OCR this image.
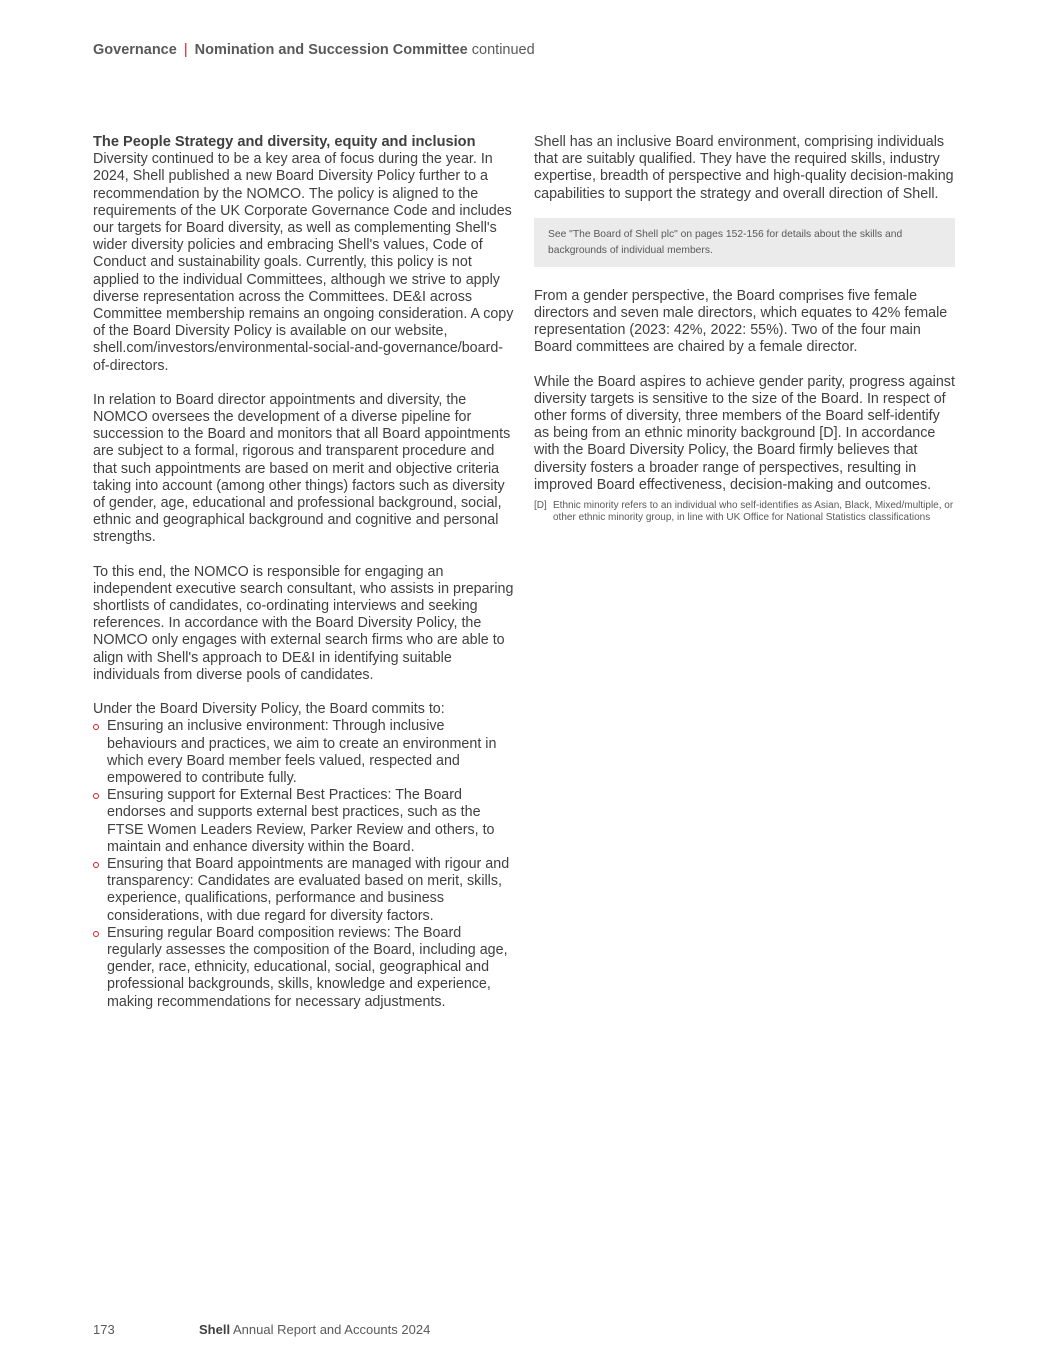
Governance | Nomination and Succession Committee continued
The People Strategy and diversity, equity and inclusion

Diversity continued to be a key area of focus during the year. In 2024, Shell published a new Board Diversity Policy further to a recommendation by the NOMCO. The policy is aligned to the requirements of the UK Corporate Governance Code and includes our targets for Board diversity, as well as complementing Shell's wider diversity policies and embracing Shell's values, Code of Conduct and sustainability goals. Currently, this policy is not applied to the individual Committees, although we strive to apply diverse representation across the Committees. DE&I across Committee membership remains an ongoing consideration. A copy of the Board Diversity Policy is available on our website, shell.com/investors/environmental-social-and-governance/board-of-directors.

In relation to Board director appointments and diversity, the NOMCO oversees the development of a diverse pipeline for succession to the Board and monitors that all Board appointments are subject to a formal, rigorous and transparent procedure and that such appointments are based on merit and objective criteria taking into account (among other things) factors such as diversity of gender, age, educational and professional background, social, ethnic and geographical background and cognitive and personal strengths.

To this end, the NOMCO is responsible for engaging an independent executive search consultant, who assists in preparing shortlists of candidates, co-ordinating interviews and seeking references. In accordance with the Board Diversity Policy, the NOMCO only engages with external search firms who are able to align with Shell's approach to DE&I in identifying suitable individuals from diverse pools of candidates.

Under the Board Diversity Policy, the Board commits to:

Ensuring an inclusive environment: Through inclusive behaviours and practices, we aim to create an environment in which every Board member feels valued, respected and empowered to contribute fully.
Ensuring support for External Best Practices: The Board endorses and supports external best practices, such as the FTSE Women Leaders Review, Parker Review and others, to maintain and enhance diversity within the Board.
Ensuring that Board appointments are managed with rigour and transparency: Candidates are evaluated based on merit, skills, experience, qualifications, performance and business considerations, with due regard for diversity factors.
Ensuring regular Board composition reviews: The Board regularly assesses the composition of the Board, including age, gender, race, ethnicity, educational, social, geographical and professional backgrounds, skills, knowledge and experience, making recommendations for necessary adjustments.

Shell has an inclusive Board environment, comprising individuals that are suitably qualified. They have the required skills, industry expertise, breadth of perspective and high-quality decision-making capabilities to support the strategy and overall direction of Shell.

See "The Board of Shell plc" on pages 152-156 for details about the skills and backgrounds of individual members.

From a gender perspective, the Board comprises five female directors and seven male directors, which equates to 42% female representation (2023: 42%, 2022: 55%). Two of the four main Board committees are chaired by a female director.

While the Board aspires to achieve gender parity, progress against diversity targets is sensitive to the size of the Board. In respect of other forms of diversity, three members of the Board self-identify as being from an ethnic minority background [D]. In accordance with the Board Diversity Policy, the Board firmly believes that diversity fosters a broader range of perspectives, resulting in improved Board effectiveness, decision-making and outcomes.

[D] Ethnic minority refers to an individual who self-identifies as Asian, Black, Mixed/multiple, or other ethnic minority group, in line with UK Office for National Statistics classifications
173	Shell Annual Report and Accounts 2024
